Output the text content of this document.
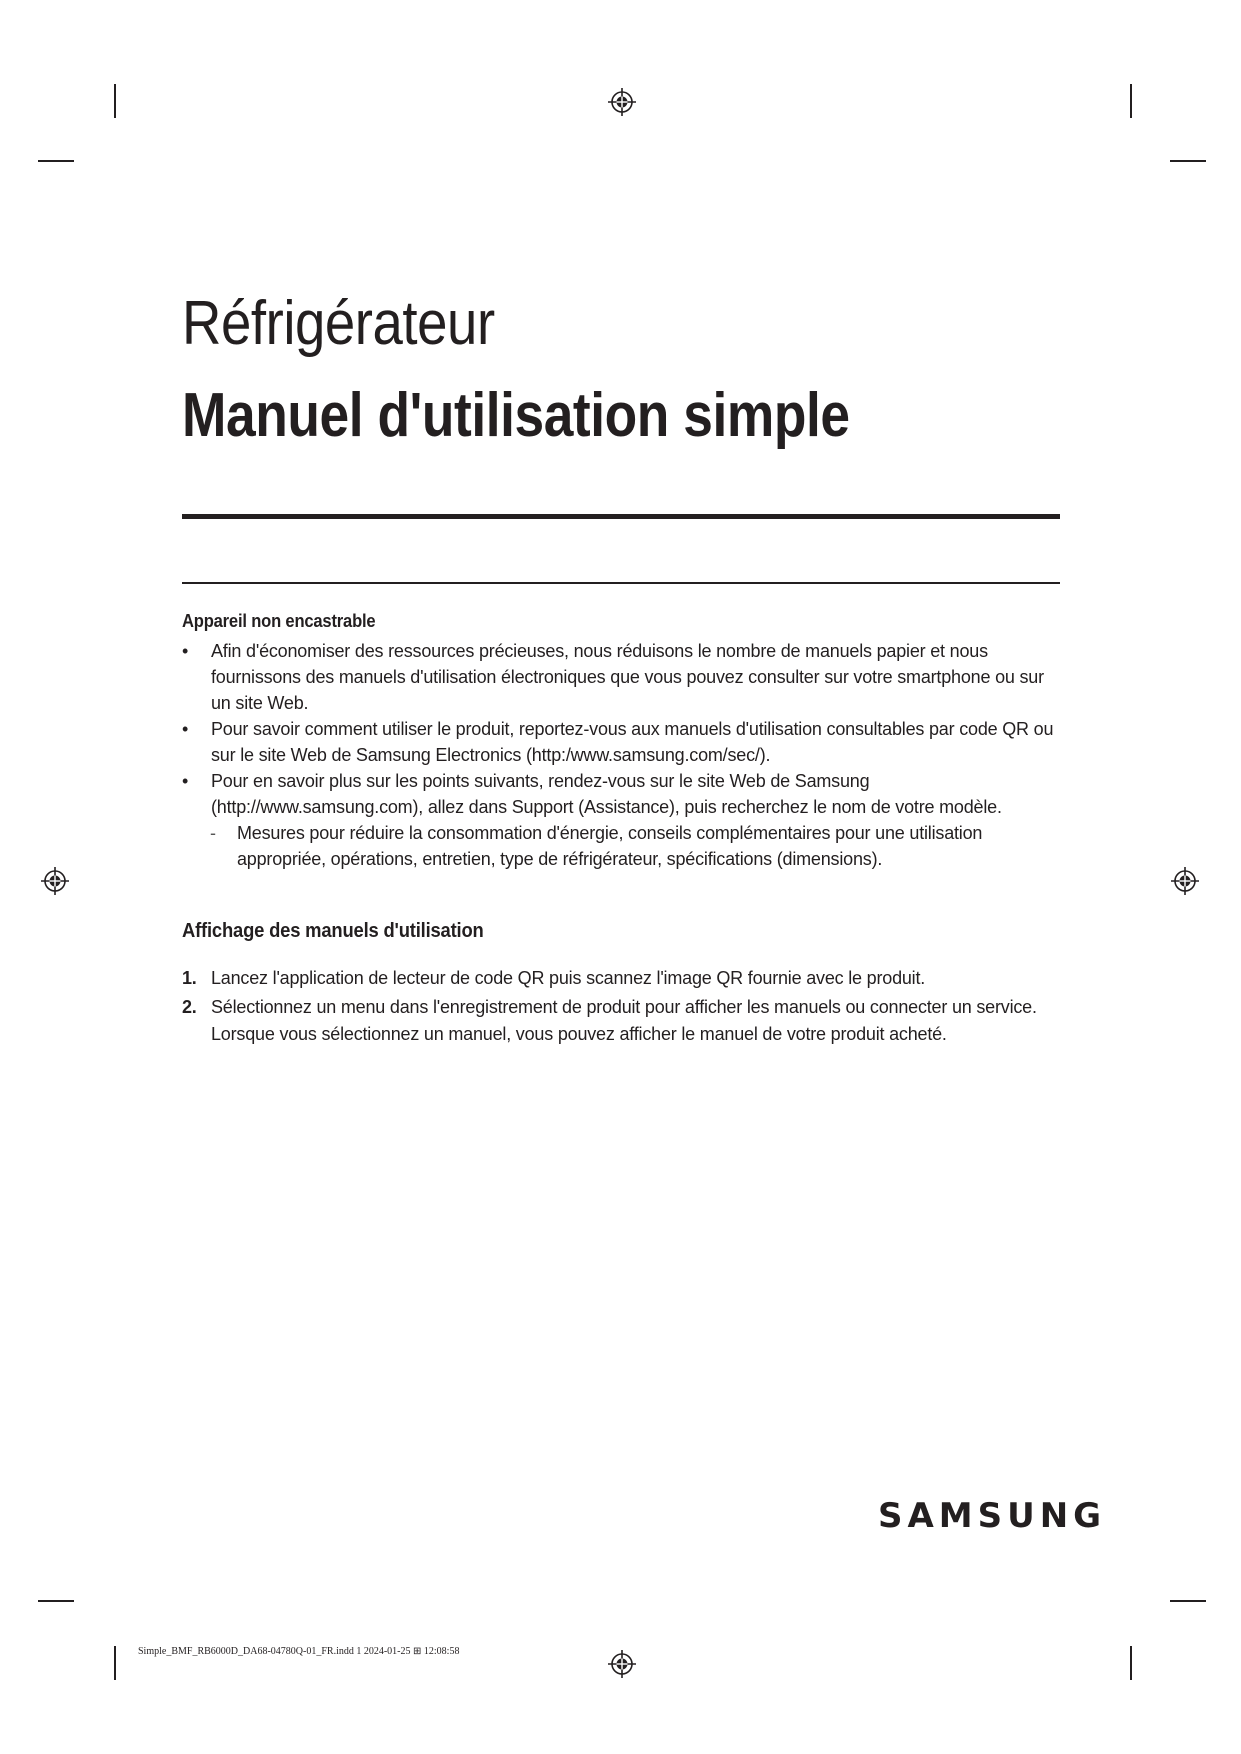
Réfrigérateur
Manuel d'utilisation simple
Appareil non encastrable
• Afin d'économiser des ressources précieuses, nous réduisons le nombre de manuels papier et nous fournissons des manuels d'utilisation électroniques que vous pouvez consulter sur votre smartphone ou sur un site Web.
• Pour savoir comment utiliser le produit, reportez-vous aux manuels d'utilisation consultables par code QR ou sur le site Web de Samsung Electronics (http:/www.samsung.com/sec/).
• Pour en savoir plus sur les points suivants, rendez-vous sur le site Web de Samsung (http://www.samsung.com), allez dans Support (Assistance), puis recherchez le nom de votre modèle.
- Mesures pour réduire la consommation d'énergie, conseils complémentaires pour une utilisation appropriée, opérations, entretien, type de réfrigérateur, spécifications (dimensions).
Affichage des manuels d'utilisation
1. Lancez l'application de lecteur de code QR puis scannez l'image QR fournie avec le produit.
2. Sélectionnez un menu dans l'enregistrement de produit pour afficher les manuels ou connecter un service. Lorsque vous sélectionnez un manuel, vous pouvez afficher le manuel de votre produit acheté.
SAMSUNG
Simple_BMF_RB6000D_DA68-04780Q-01_FR.indd 1 2024-01-25 ⊞ 12:08:58
